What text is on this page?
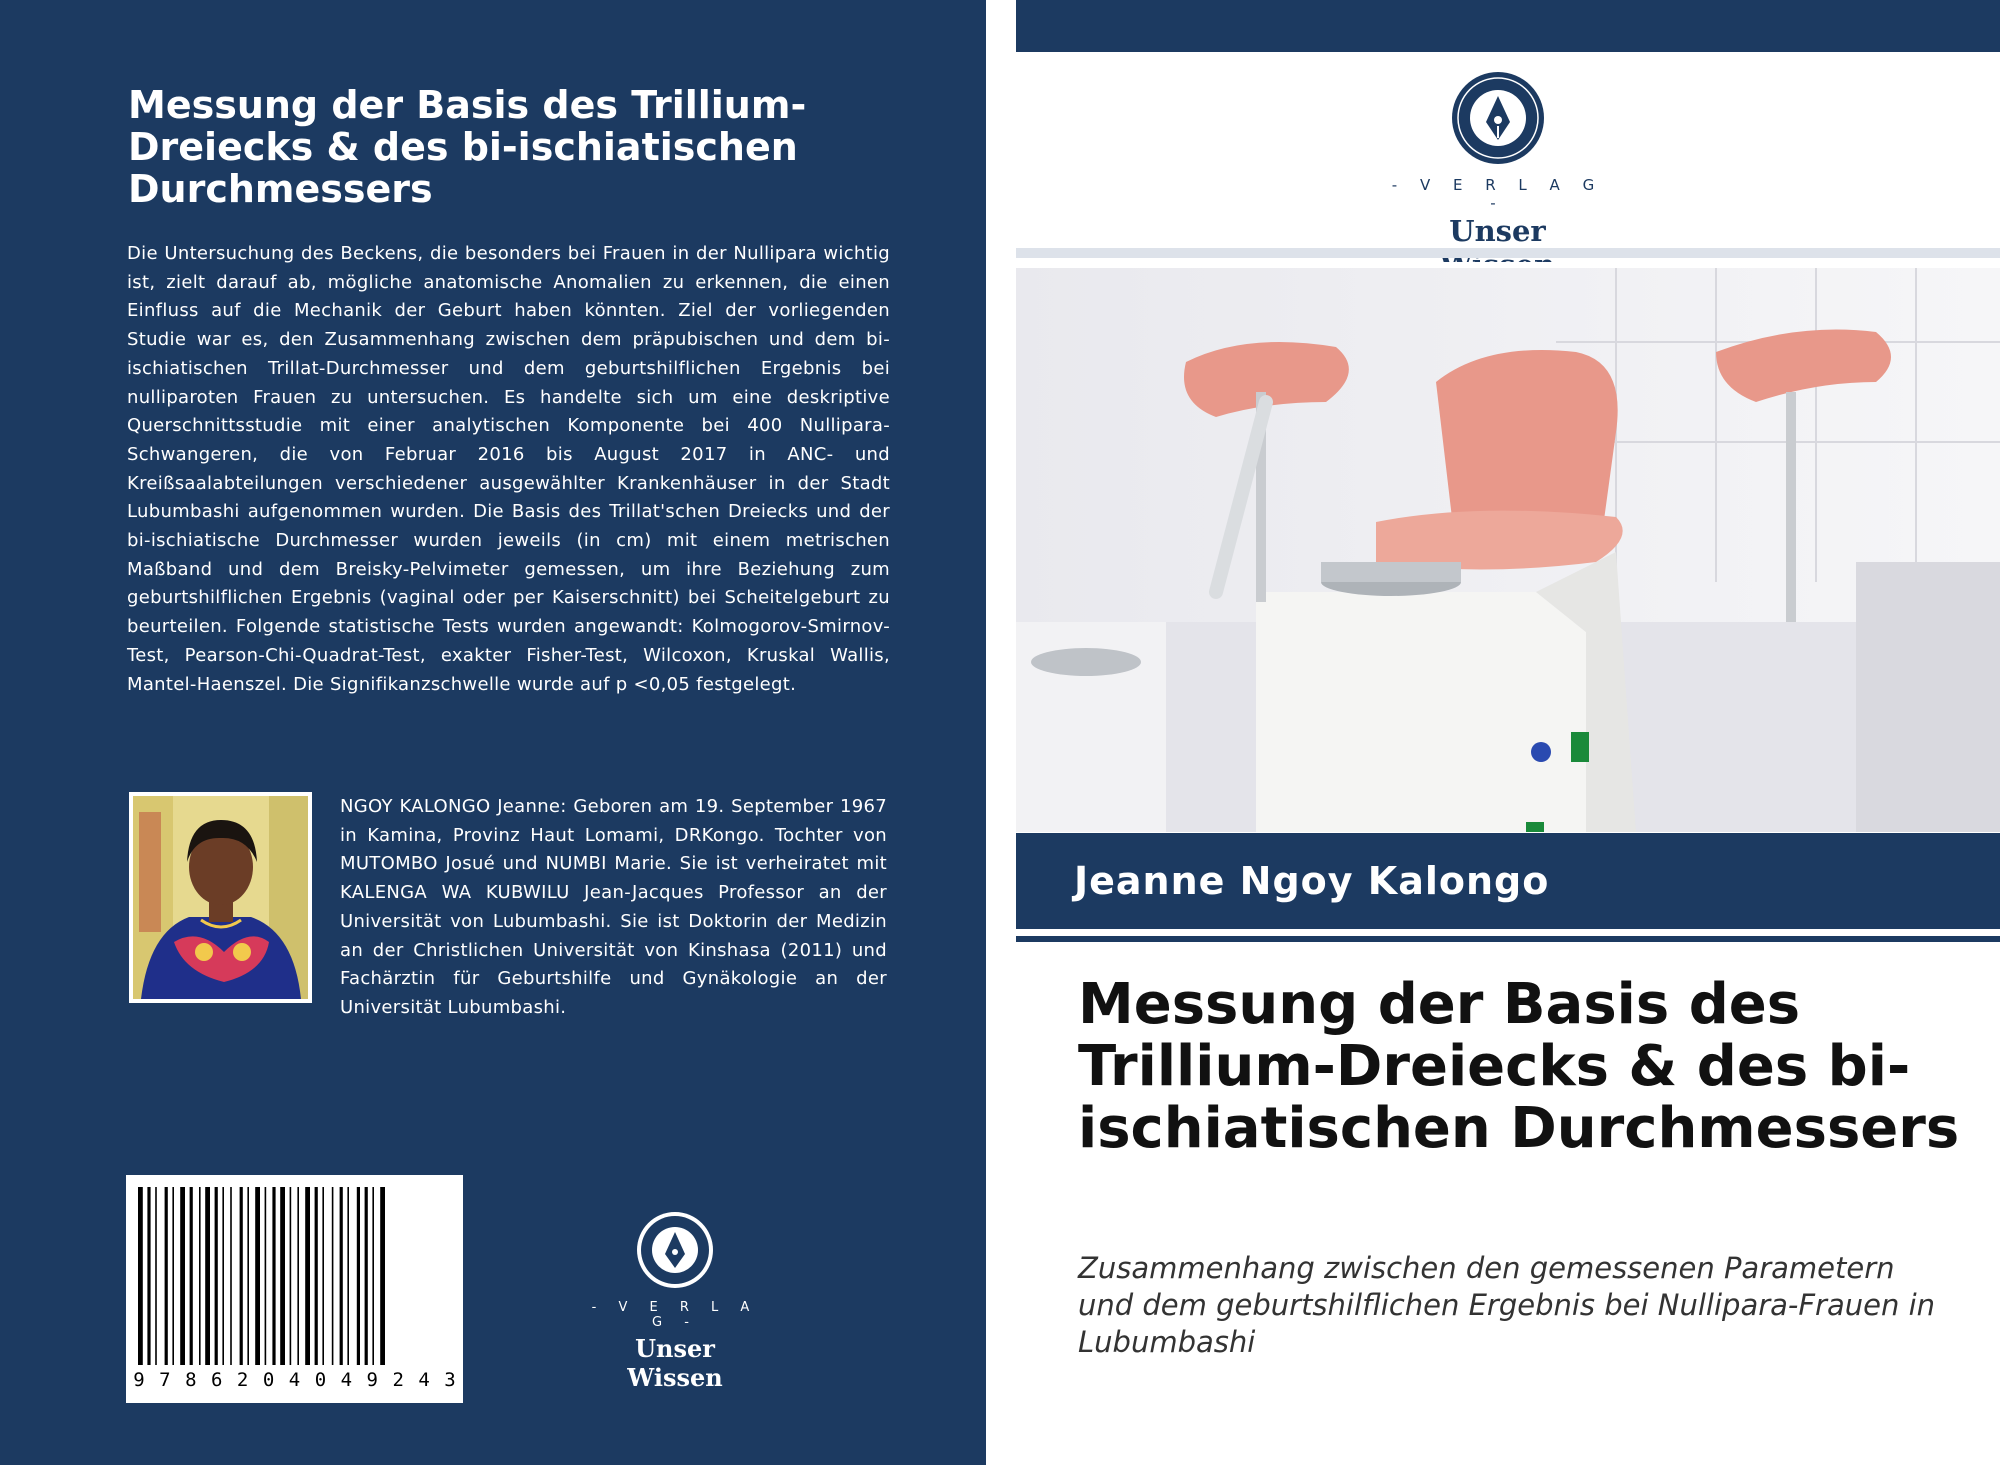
Messung der Basis des Trillium-Dreiecks & des bi-ischiatischen Durchmessers

Die Untersuchung des Beckens, die besonders bei Frauen in der Nullipara wichtig ist, zielt darauf ab, mögliche anatomische Anomalien zu erkennen, die einen Einfluss auf die Mechanik der Geburt haben könnten. Ziel der vorliegenden Studie war es, den Zusammenhang zwischen dem präpubischen und dem bi-ischiatischen Trillat-Durchmesser und dem geburtshilflichen Ergebnis bei nulliparoten Frauen zu untersuchen. Es handelte sich um eine deskriptive Querschnittsstudie mit einer analytischen Komponente bei 400 Nullipara-Schwangeren, die von Februar 2016 bis August 2017 in ANC- und Kreißsaalabteilungen verschiedener ausgewählter Krankenhäuser in der Stadt Lubumbashi aufgenommen wurden. Die Basis des Trillat'schen Dreiecks und der bi-ischiatische Durchmesser wurden jeweils (in cm) mit einem metrischen Maßband und dem Breisky-Pelvimeter gemessen, um ihre Beziehung zum geburtshilflichen Ergebnis (vaginal oder per Kaiserschnitt) bei Scheitelgeburt zu beurteilen. Folgende statistische Tests wurden angewandt: Kolmogorov-Smirnov-Test, Pearson-Chi-Quadrat-Test, exakter Fisher-Test, Wilcoxon, Kruskal Wallis, Mantel-Haenszel. Die Signifikanzschwelle wurde auf p <0,05 festgelegt.

NGOY KALONGO Jeanne: Geboren am 19. September 1967 in Kamina, Provinz Haut Lomami, DRKongo. Tochter von MUTOMBO Josué und NUMBI Marie. Sie ist verheiratet mit KALENGA WA KUBWILU Jean-Jacques Professor an der Universität von Lubumbashi. Sie ist Doktorin der Medizin an der Christlichen Universität von Kinshasa (2011) und Fachärztin für Geburtshilfe und Gynäkologie an der Universität Lubumbashi.

9 7 8 6 2 0 4 0 4 9 2 4 3
- V E R L A G -
Unser Wissen
- V E R L A G -
Unser
Jeanne Ngoy Kalongo
Messung der Basis des Trillium-Dreiecks & des bi-ischiatischen Durchmessers

Zusammenhang zwischen den gemessenen Parametern und dem geburtshilflichen Ergebnis bei Nullipara-Frauen in Lubumbashi
